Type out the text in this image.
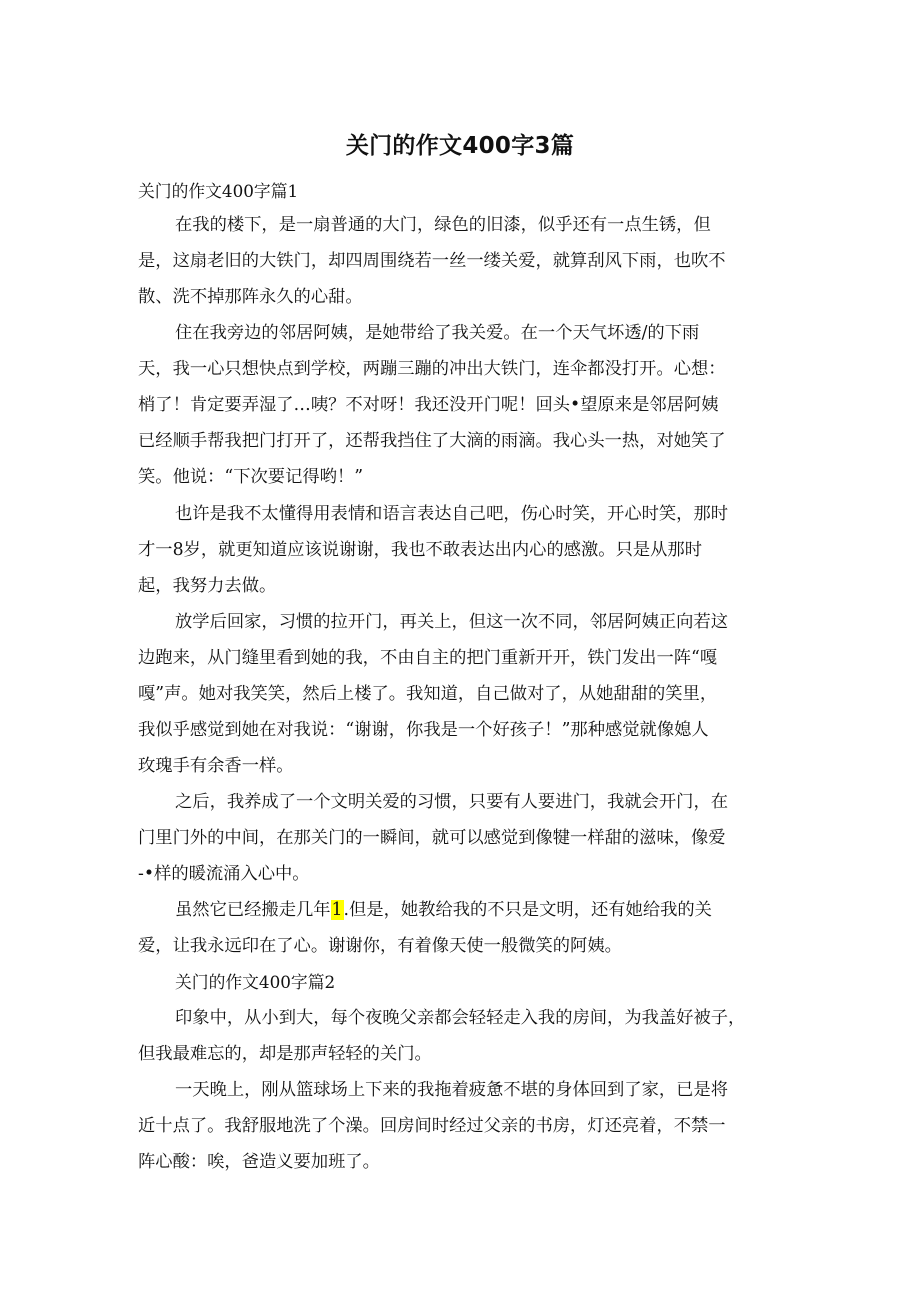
关门的作文400字3篇
关门的作文400字篇1
在我的楼下，是一扇普通的大门，绿色的旧漆，似乎还有一点生锈，但
是，这扇老旧的大铁门，却四周围绕若一丝一缕关爱，就算刮风下雨，也吹不
散、洗不掉那阵永久的心甜。
住在我旁边的邻居阿姨，是她带给了我关爱。在一个天气坏透/的下雨
天，我一心只想快点到学校，两蹦三蹦的冲出大铁门，连伞都没打开。心想：
梢了！肯定要弄湿了…咦？不对呀！我还没开门呢！回头•望原来是邻居阿姨
已经顺手帮我把门打开了，还帮我挡住了大滴的雨滴。我心头一热，对她笑了
笑。他说：“下次要记得哟！”
也许是我不太懂得用表情和语言表达自己吧，伤心时笑，开心时笑，那时
才一8岁，就更知道应该说谢谢，我也不敢表达出内心的感激。只是从那时
起，我努力去做。
放学后回家，习惯的拉开门，再关上，但这一次不同，邻居阿姨正向若这
边跑来，从门缝里看到她的我，不由自主的把门重新开开，铁门发出一阵“嘎
嘎”声。她对我笑笑，然后上楼了。我知道，自己做对了，从她甜甜的笑里，
我似乎感觉到她在对我说：“谢谢，你我是一个好孩子！”那种感觉就像媳人
玫瑰手有余香一样。
之后，我养成了一个文明关爱的习惯，只要有人要进门，我就会开门，在
门里门外的中间，在那关门的一瞬间，就可以感觉到像犍一样甜的滋味，像爱
-•样的暖流涌入心中。
虽然它已经搬走几年1.但是，她教给我的不只是文明，还有她给我的关
爱，让我永远印在了心。谢谢你，有着像天使一般微笑的阿姨。
关门的作文400字篇2
印象中，从小到大，每个夜晚父亲都会轻轻走入我的房间，为我盖好被子，
但我最难忘的，却是那声轻轻的关门。
一天晚上，刚从篮球场上下来的我拖着疲惫不堪的身体回到了家，已是将
近十点了。我舒服地洗了个澡。回房间时经过父亲的书房，灯还亮着，不禁一
阵心酸：唉，爸造义要加班了。
